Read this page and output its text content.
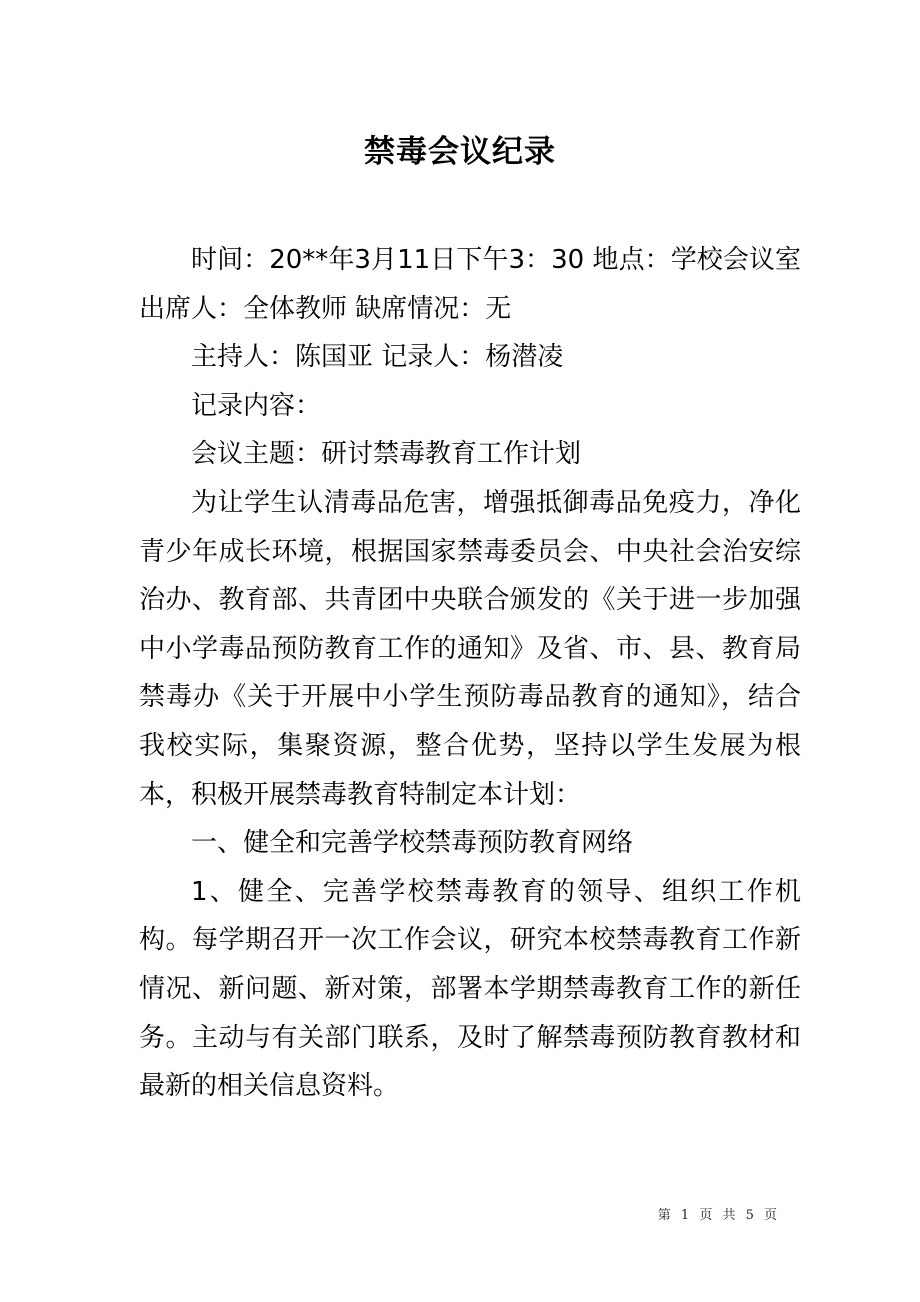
禁毒会议纪录

时间：20**年3月11日下午3：30 地点：学校会议室 出席人：全体教师 缺席情况：无

主持人：陈国亚 记录人：杨潜凌

记录内容：

会议主题：研讨禁毒教育工作计划

为让学生认清毒品危害，增强抵御毒品免疫力，净化青少年成长环境，根据国家禁毒委员会、中央社会治安综治办、教育部、共青团中央联合颁发的《关于进一步加强中小学毒品预防教育工作的通知》及省、市、县、教育局禁毒办《关于开展中小学生预防毒品教育的通知》，结合我校实际，集聚资源，整合优势，坚持以学生发展为根本，积极开展禁毒教育特制定本计划：

一、健全和完善学校禁毒预防教育网络

1、健全、完善学校禁毒教育的领导、组织工作机构。每学期召开一次工作会议，研究本校禁毒教育工作新情况、新问题、新对策，部署本学期禁毒教育工作的新任务。主动与有关部门联系，及时了解禁毒预防教育教材和最新的相关信息资料。

第 1 页 共 5 页
